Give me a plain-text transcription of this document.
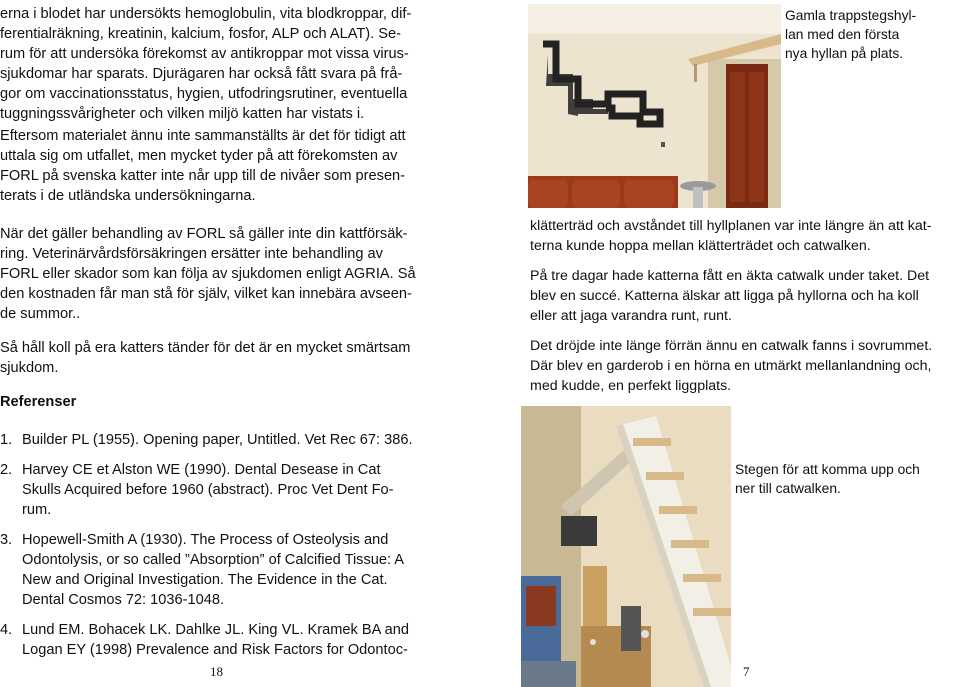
erna i blodet har undersökts hemoglobulin, vita blodkroppar, dif-
ferentialräkning, kreatinin, kalcium, fosfor, ALP och ALAT). Se-
rum för att undersöka förekomst av antikroppar mot vissa virus-
sjukdomar har sparats. Djurägaren har också fått svara på frå-
gor om vaccinationsstatus, hygien, utfodringsrutiner, eventuella
tuggningssvårigheter och vilken miljö katten har vistats i.

Eftersom materialet ännu inte sammanställts är det för tidigt att
uttala sig om utfallet, men mycket tyder på att förekomsten av
FORL på svenska katter inte når upp till de nivåer som presen-
terats i de utländska undersökningarna.

När det gäller behandling av FORL så gäller inte din kattförsäk-
ring. Veterinärvårdsförsäkringen ersätter inte behandling av
FORL eller skador som kan följa av sjukdomen enligt AGRIA. Så
den kostnaden får man stå för själv, vilket kan innebära avseen-
de summor..

Så håll koll på era katters tänder för det är en mycket smärtsam
sjukdom.

Referenser

1. Builder PL (1955). Opening paper, Untitled. Vet Rec 67: 386.
2. Harvey CE et Alston WE (1990). Dental Desease in Cat
Skulls Acquired before 1960 (abstract). Proc Vet Dent Fo-
rum.
3. Hopewell-Smith A (1930). The Process of Osteolysis and
Odontolysis, or so called ”Absorption” of Calcified Tissue: A
New and Original Investigation. The Evidence in the Cat.
Dental Cosmos 72: 1036-1048.
4. Lund EM. Bohacek LK. Dahlke JL. King VL. Kramek BA and
Logan EY (1998) Prevalence and Risk Factors for Odontoc-
18
Gamla trappstegshyl-
lan med den första
nya hyllan på plats.

klätterträd och avståndet till hyllplanen var inte längre än att kat-
terna kunde hoppa mellan klätterträdet och catwalken.

På tre dagar hade katterna fått en äkta catwalk under taket. Det
blev en succé. Katterna älskar att ligga på hyllorna och ha koll
eller att jaga varandra runt, runt.

Det dröjde inte länge förrän ännu en catwalk fanns i sovrummet.
Där blev en garderob i en hörna en utmärkt mellanlandning och,
med kudde, en perfekt liggplats.

Stegen för att komma upp och
ner till catwalken.
7
